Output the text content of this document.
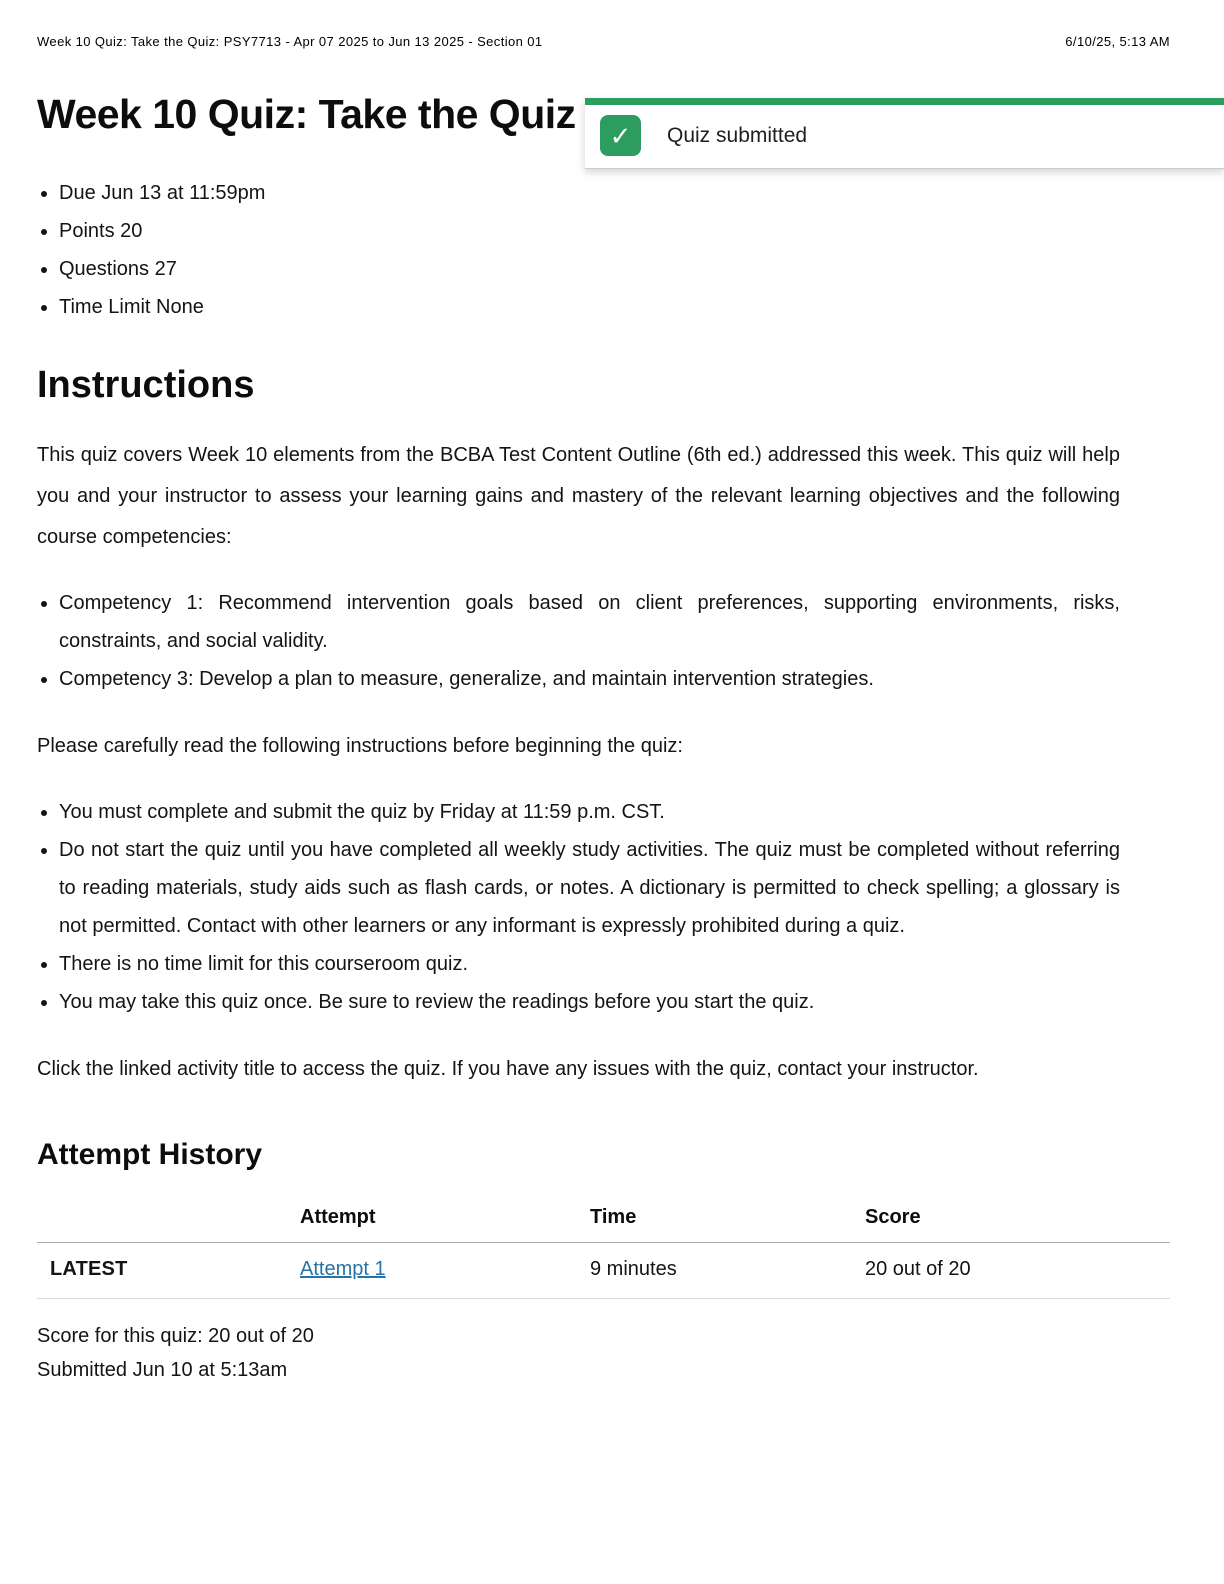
Week 10 Quiz: Take the Quiz: PSY7713 - Apr 07 2025 to Jun 13 2025 - Section 01	6/10/25, 5:13 AM
Week 10 Quiz: Take the Quiz	✓	Quiz submitted
• Due Jun 13 at 11:59pm
• Points 20
• Questions 27
• Time Limit None
Instructions

This quiz covers Week 10 elements from the BCBA Test Content Outline (6th ed.) addressed this week. This quiz will help you and your instructor to assess your learning gains and mastery of the relevant learning objectives and the following course competencies:

• Competency 1: Recommend intervention goals based on client preferences, supporting environments, risks, constraints, and social validity.
• Competency 3: Develop a plan to measure, generalize, and maintain intervention strategies.

Please carefully read the following instructions before beginning the quiz:

• You must complete and submit the quiz by Friday at 11:59 p.m. CST.
• Do not start the quiz until you have completed all weekly study activities. The quiz must be completed without referring to reading materials, study aids such as flash cards, or notes. A dictionary is permitted to check spelling; a glossary is not permitted. Contact with other learners or any informant is expressly prohibited during a quiz.
• There is no time limit for this courseroom quiz.
• You may take this quiz once. Be sure to review the readings before you start the quiz.

Click the linked activity title to access the quiz. If you have any issues with the quiz, contact your instructor.

Attempt History
	Attempt	Time	Score
LATEST	Attempt 1	9 minutes	20 out of 20

Score for this quiz: 20 out of 20

Submitted Jun 10 at 5:13am
